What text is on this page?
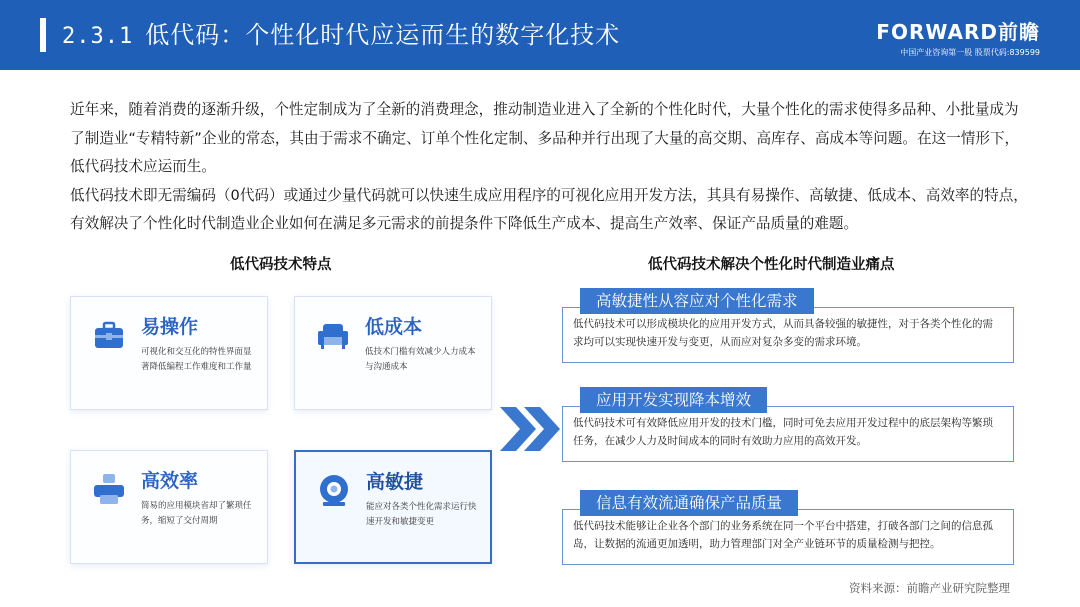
2.3.1 低代码：个性化时代应运而生的数字化技术	FORWARD前瞻
中国产业咨询第一股 股票代码:839599

近年来，随着消费的逐渐升级，个性定制成为了全新的消费理念，推动制造业进入了全新的个性化时代，大量个性化的需求使得多品种、小批量成为了制造业“专精特新”企业的常态，其由于需求不确定、订单个性化定制、多品种并行出现了大量的高交期、高库存、高成本等问题。在这一情形下，低代码技术应运而生。

低代码技术即无需编码（0代码）或通过少量代码就可以快速生成应用程序的可视化应用开发方法，其具有易操作、高敏捷、低成本、高效率的特点，有效解决了个性化时代制造业企业如何在满足多元需求的前提条件下降低生产成本、提高生产效率、保证产品质量的难题。

低代码技术特点	低代码技术解决个性化时代制造业痛点
易操作
可视化和交互化的特性界面显著降低编程工作难度和工作量
低成本
低技术门槛有效减少人力成本与沟通成本
高效率
简易的应用模块省却了繁琐任务，缩短了交付周期
高敏捷
能应对各类个性化需求运行快速开发和敏捷变更
低代码技术可以形成模块化的应用开发方式，从而具备较强的敏捷性，对于各类个性化的需求均可以实现快速开发与变更，从而应对复杂多变的需求环境。
高敏捷性从容应对个性化需求
低代码技术可有效降低应用开发的技术门槛，同时可免去应用开发过程中的底层架构等繁琐任务，在减少人力及时间成本的同时有效助力应用的高效开发。
应用开发实现降本增效
低代码技术能够让企业各个部门的业务系统在同一个平台中搭建，打破各部门之间的信息孤岛，让数据的流通更加透明，助力管理部门对全产业链环节的质量检测与把控。
信息有效流通确保产品质量
资料来源：前瞻产业研究院整理
